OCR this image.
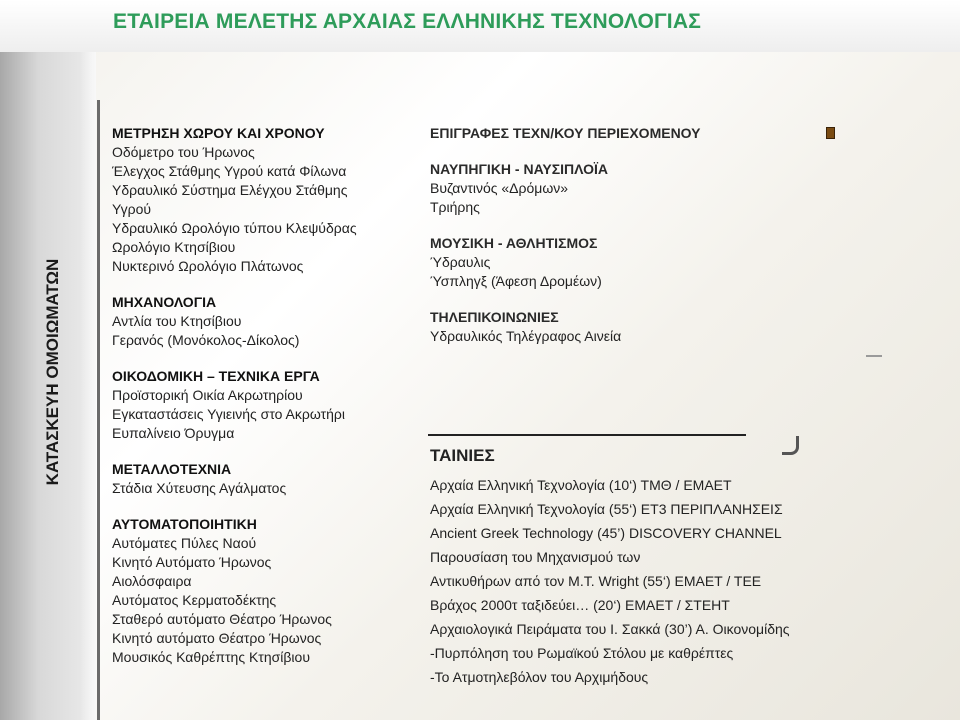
ΕΤΑΙΡΕΙΑ ΜΕΛΕΤΗΣ ΑΡΧΑΙΑΣ ΕΛΛΗΝΙΚΗΣ ΤΕΧΝΟΛΟΓΙΑΣ
ΚΑΤΑΣΚΕΥΗ ΟΜΟΙΩΜΑΤΩΝ
ΜΕΤΡΗΣΗ ΧΩΡΟΥ ΚΑΙ ΧΡΟΝΟΥ
Οδόμετρο του Ήρωνος
Έλεγχος Στάθμης Υγρού κατά Φίλωνα
Υδραυλικό Σύστημα Ελέγχου Στάθμης
Υγρού
Υδραυλικό Ωρολόγιο τύπου Κλεψύδρας
Ωρολόγιο Κτησίβιου
Νυκτερινό Ωρολόγιο Πλάτωνος
ΜΗΧΑΝΟΛΟΓΙΑ
Αντλία του Κτησίβιου
Γερανός (Μονόκολος-Δίκολος)
ΟΙΚΟΔΟΜΙΚΗ – ΤΕΧΝΙΚΑ ΕΡΓΑ
Προϊστορική Οικία Ακρωτηρίου
Εγκαταστάσεις Υγιεινής στο Ακρωτήρι
Ευπαλίνειο Όρυγμα
ΜΕΤΑΛΛΟΤΕΧΝΙΑ
Στάδια Χύτευσης Αγάλματος
ΑΥΤΟΜΑΤΟΠΟΙΗΤΙΚΗ
Αυτόματες Πύλες Ναού
Κινητό Αυτόματο Ήρωνος
Αιολόσφαιρα
Αυτόματος Κερματοδέκτης
Σταθερό αυτόματο Θέατρο Ήρωνος
Κινητό αυτόματο Θέατρο Ήρωνος
Μουσικός Καθρέπτης Κτησίβιου
ΕΠΙΓΡΑΦΕΣ ΤΕΧΝ/ΚΟΥ ΠΕΡΙΕΧΟΜΕΝΟΥ
ΝΑΥΠΗΓΙΚΗ - ΝΑΥΣΙΠΛΟΪΑ
Βυζαντινός «Δρόμων»
Τριήρης
ΜΟΥΣΙΚΗ - ΑΘΛΗΤΙΣΜΟΣ
Ύδραυλις
Ύσπληγξ (Άφεση Δρομέων)
ΤΗΛΕΠΙΚΟΙΝΩΝΙΕΣ
Υδραυλικός Τηλέγραφος Αινεία
ΤΑΙΝΙΕΣ
Αρχαία Ελληνική Τεχνολογία (10‘) ΤΜΘ / ΕΜΑΕΤ
Αρχαία Ελληνική Τεχνολογία (55‘) ΕΤ3 ΠΕΡΙΠΛΑΝΗΣΕΙΣ
Ancient Greek Technology (45’) DISCOVERY CHANNEL
Παρουσίαση του Μηχανισμού των
Αντικυθήρων από τον Μ.Τ. Wright (55‘) ΕΜΑΕΤ / ΤΕΕ
Βράχος 2000τ ταξιδεύει… (20‘) ΕΜΑΕΤ / ΣΤΕΗΤ
Αρχαιολογικά Πειράματα του Ι. Σακκά (30’) Α. Οικονομίδης
-Πυρπόληση του Ρωμαϊκού Στόλου με καθρέπτες
-Το Ατμοτηλεβόλον του Αρχιμήδους
